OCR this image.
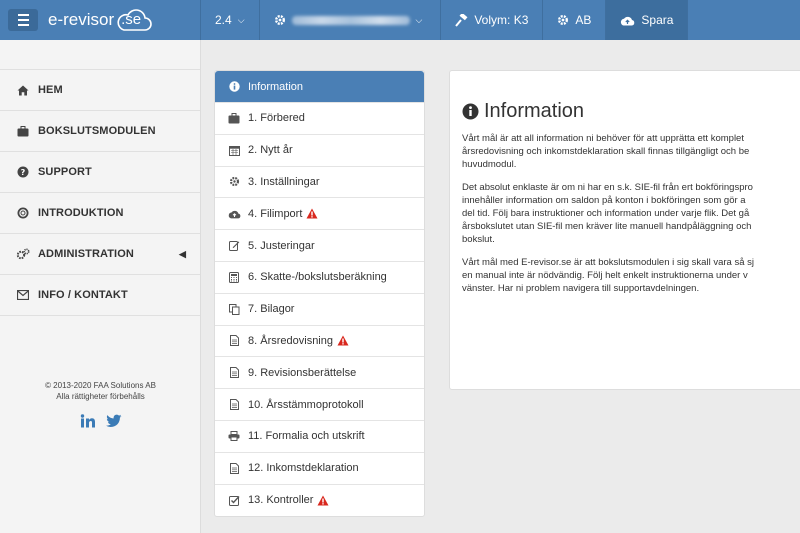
e-revisor .se	2.4 ⌵	⌵	Volym: K3	AB	Spara
HEM
BOKSLUTSMODULEN
? SUPPORT
INTRODUKTION
ADMINISTRATION	◀
INFO / KONTAKT
© 2013-2020 FAA Solutions AB
Alla rättigheter förbehålls
Information
1. Förbered
2. Nytt år
3. Inställningar
4. Filimport
5. Justeringar
6. Skatte-/bokslutsberäkning
7. Bilagor
8. Årsredovisning
9. Revisionsberättelse
10. Årsstämmoprotokoll
11. Formalia och utskrift
12. Inkomstdeklaration
13. Kontroller
Information

Vårt mål är att all information ni behöver för att upprätta ett komplet
årsredovisning och inkomstdeklaration skall finnas tillgängligt och be
huvudmodul.

Det absolut enklaste är om ni har en s.k. SIE-fil från ert bokföringspro
innehåller information om saldon på konton i bokföringen som gör a
del tid. Följ bara instruktioner och information under varje flik. Det gå
årsbokslutet utan SIE-fil men kräver lite manuell handpåläggning och
bokslut.

Vårt mål med E-revisor.se är att bokslutsmodulen i sig skall vara så sj
en manual inte är nödvändig. Följ helt enkelt instruktionerna under v
vänster. Har ni problem navigera till supportavdelningen.
